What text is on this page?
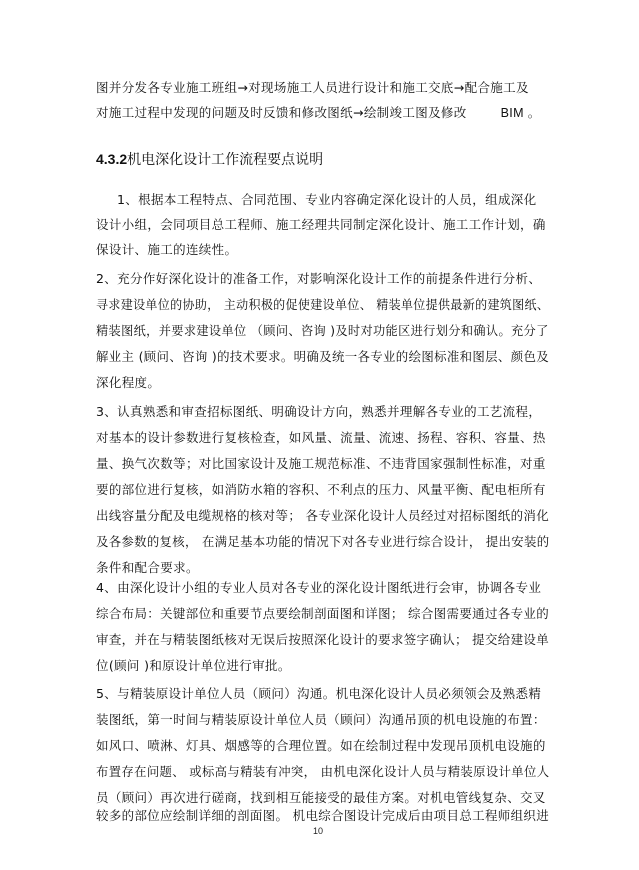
图并分发各专业施工班组→对现场施工人员进行设计和施工交底→配合施工及
对施工过程中发现的问题及时反馈和修改图纸→绘制竣工图及修改	BIM 。
4.3.2机电深化设计工作流程要点说明
1、根据本工程特点、合同范围、专业内容确定深化设计的人员，组成深化
设计小组，会同项目总工程师、施工经理共同制定深化设计、施工工作计划，确
保设计、施工的连续性。
2、充分作好深化设计的准备工作，对影响深化设计工作的前提条件进行分析、
寻求建设单位的协助， 主动积极的促使建设单位、 精装单位提供最新的建筑图纸、
精装图纸，并要求建设单位 （顾问、咨询 )及时对功能区进行划分和确认。充分了
解业主 (顾问、咨询 )的技术要求。明确及统一各专业的绘图标准和图层、颜色及
深化程度。
3、认真熟悉和审查招标图纸、明确设计方向，熟悉并理解各专业的工艺流程，
对基本的设计参数进行复核检查，如风量、流量、流速、扬程、容积、容量、热
量、换气次数等；对比国家设计及施工规范标准、不违背国家强制性标准，对重
要的部位进行复核，如消防水箱的容积、不利点的压力、风量平衡、配电柜所有
出线容量分配及电缆规格的核对等； 各专业深化设计人员经过对招标图纸的消化
及各参数的复核， 在满足基本功能的情况下对各专业进行综合设计， 提出安装的
条件和配合要求。
4、由深化设计小组的专业人员对各专业的深化设计图纸进行会审，协调各专业
综合布局：关键部位和重要节点要绘制剖面图和详图； 综合图需要通过各专业的
审查，并在与精装图纸核对无误后按照深化设计的要求签字确认； 提交给建设单
位(顾问 )和原设计单位进行审批。
5、与精装原设计单位人员（顾问）沟通。机电深化设计人员必须领会及熟悉精
装图纸，第一时间与精装原设计单位人员（顾问）沟通吊顶的机电设施的布置：
如风口、喷淋、灯具、烟感等的合理位置。如在绘制过程中发现吊顶机电设施的
布置存在问题、 或标高与精装有冲突， 由机电深化设计人员与精装原设计单位人
员（顾问）再次进行磋商，找到相互能接受的最佳方案。对机电管线复杂、交叉
较多的部位应绘制详细的剖面图。 机电综合图设计完成后由项目总工程师组织进
10
